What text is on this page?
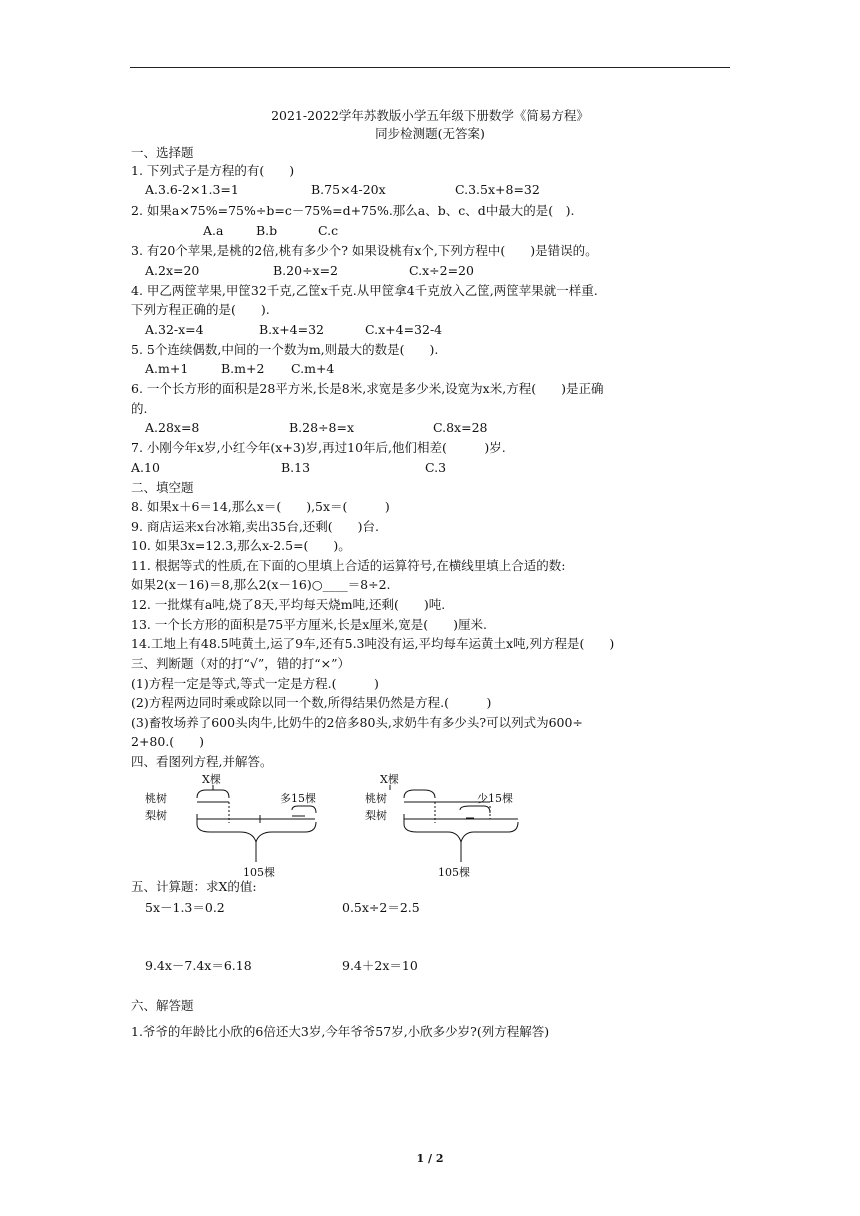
2021-2022学年苏教版小学五年级下册数学《简易方程》
同步检测题(无答案)
一、选择题
1. 下列式子是方程的有(　　)
A.3.6-2×1.3=1	B.75×4-20x	C.3.5x+8=32
2. 如果a×75%=75%÷b=c－75%=d+75%.那么a、b、c、d中最大的是(　).
A.a	B.b	C.c
3. 有20个苹果,是桃的2倍,桃有多少个? 如果设桃有x个,下列方程中(　　)是错误的。
A.2x=20	B.20÷x=2	C.x÷2=20
4. 甲乙两筐苹果,甲筐32千克,乙筐x千克.从甲筐拿4千克放入乙筐,两筐苹果就一样重.
下列方程正确的是(　　).
A.32-x=4	B.x+4=32	C.x+4=32-4
5. 5个连续偶数,中间的一个数为m,则最大的数是(　　).
A.m+1	B.m+2 C.m+4
6. 一个长方形的面积是28平方米,长是8米,求宽是多少米,设宽为x米,方程(　　)是正确
的.
A.28x=8	B.28÷8=x	C.8x=28
7. 小刚今年x岁,小红今年(x+3)岁,再过10年后,他们相差(　　　)岁.
A.10	B.13	C.3
二、填空题
8. 如果x＋6＝14,那么x＝(　　),5x＝(　　　)
9. 商店运来x台冰箱,卖出35台,还剩(　　)台.
10. 如果3x=12.3,那么x-2.5=(　　)。
11. 根据等式的性质,在下面的○里填上合适的运算符号,在横线里填上合适的数:
如果2(x－16)＝8,那么2(x－16)○____＝8÷2.
12. 一批煤有a吨,烧了8天,平均每天烧m吨,还剩(　　)吨.
13. 一个长方形的面积是75平方厘米,长是x厘米,宽是(　　)厘米.
14.工地上有48.5吨黄土,运了9车,还有5.3吨没有运,平均每车运黄土x吨,列方程是(　　)
三、判断题（对的打“√”，错的打“×”）
(1)方程一定是等式,等式一定是方程.(　　　)
(2)方程两边同时乘或除以同一个数,所得结果仍然是方程.(　　　)
(3)畜牧场养了600头肉牛,比奶牛的2倍多80头,求奶牛有多少头?可以列式为600÷
2+80.(　　)
四、看图列方程,并解答。
X棵
桃树
梨树
多15棵
105棵
X棵
桃树
梨树
少15棵
105棵
五、计算题：求X的值:
5x－1.3＝0.2	0.5x÷2＝2.5
9.4x－7.4x＝6.18	9.4＋2x＝10
六、解答题
1.爷爷的年龄比小欣的6倍还大3岁,今年爷爷57岁,小欣多少岁?(列方程解答)
1 / 2
